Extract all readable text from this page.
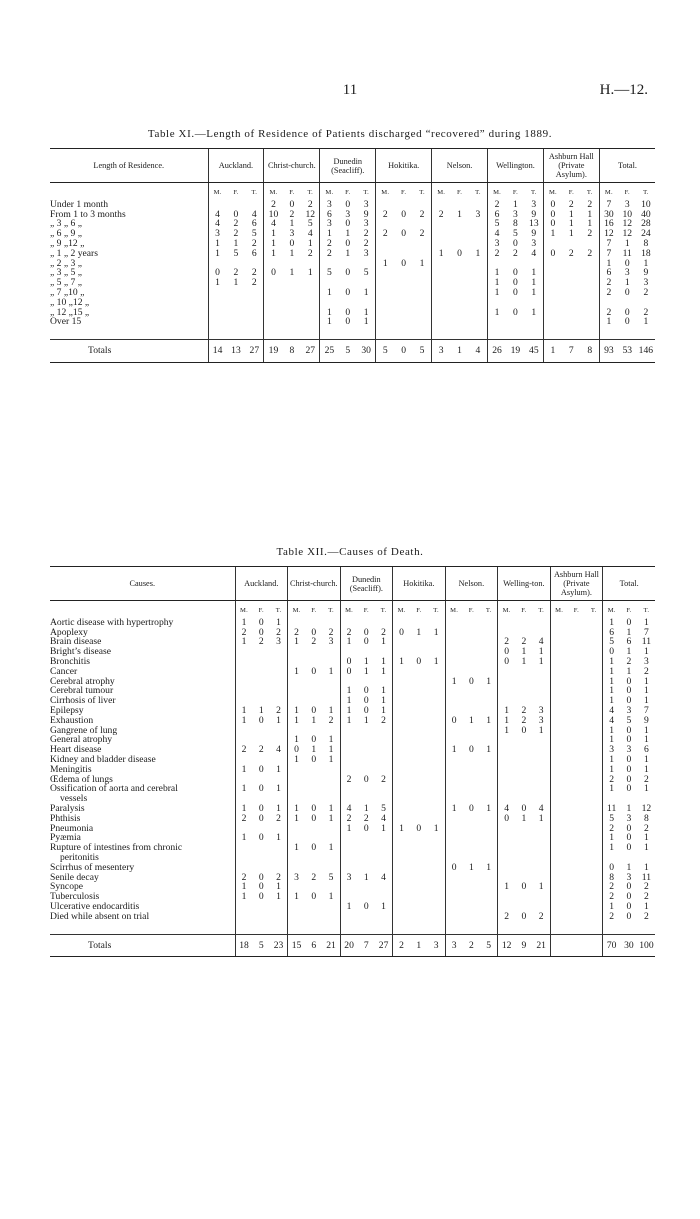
11	H.—12.
Table XI.—Length of Residence of Patients discharged “recovered” during 1889.
Length of Residence.	Auckland.			Christ-church.			Dunedin (Seacliff).			Hokitika.			Nelson.			Wellington.			Ashburn Hall (Private Asylum).			Total.		
	M.	F.	T.	M.	F.	T.	M.	F.	T.	M.	F.	T.	M.	F.	T.	M.	F.	T.	M.	F.	T.	M.	F.	T.
Under 1 month				2	0	2	3	0	3							2	1	3	0	2	2	7	3	10
From 1 to 3 months	4	0	4	10	2	12	6	3	9	2	0	2	2	1	3	6	3	9	0	1	1	30	10	40
„ 3 „ 6 „	4	2	6	4	1	5	3	0	3							5	8	13	0	1	1	16	12	28
„ 6 „ 9 „	3	2	5	1	3	4	1	1	2	2	0	2				4	5	9	1	1	2	12	12	24
„ 9 „12 „	1	1	2	1	0	1	2	0	2							3	0	3				7	1	8
„ 1 „ 2 years	1	5	6	1	1	2	2	1	3				1	0	1	2	2	4	0	2	2	7	11	18
„ 2 „ 3 „										1	0	1										1	0	1
„ 3 „ 5 „	0	2	2	0	1	1	5	0	5							1	0	1				6	3	9
„ 5 „ 7 „	1	1	2													1	0	1				2	1	3
„ 7 „10 „							1	0	1							1	0	1				2	0	2
„ 10 „12 „																								
„ 12 „15 „							1	0	1							1	0	1				2	0	2
Over 15							1	0	1													1	0	1

Totals	14	13	27	19	8	27	25	5	30	5	0	5	3	1	4	26	19	45	1	7	8	93	53	146
Table XII.—Causes of Death.
Causes.	Auckland.			Christ-church.			Dunedin (Seacliff).			Hokitika.			Nelson.			Welling-ton.			Ashburn Hall (Private Asylum).			Total.		
	M.	F.	T.	M.	F.	T.	M.	F.	T.	M.	F.	T.	M.	F.	T.	M.	F.	T.	M.	F.	T.	M.	F.	T.
Aortic disease with hypertrophy	1	0	1																			1	0	1
Apoplexy	2	0	2	2	0	2	2	0	2	0	1	1										6	1	7
Brain disease	1	2	3	1	2	3	1	0	1							2	2	4				5	6	11
Bright’s disease																0	1	1				0	1	1
Bronchitis							0	1	1	1	0	1				0	1	1				1	2	3
Cancer				1	0	1	0	1	1													1	1	2
Cerebral atrophy													1	0	1							1	0	1
Cerebral tumour							1	0	1													1	0	1
Cirrhosis of liver							1	0	1													1	0	1
Epilepsy	1	1	2	1	0	1	1	0	1							1	2	3				4	3	7
Exhaustion	1	0	1	1	1	2	1	1	2				0	1	1	1	2	3				4	5	9
Gangrene of lung																1	0	1				1	0	1
General atrophy				1	0	1																1	0	1
Heart disease	2	2	4	0	1	1							1	0	1							3	3	6
Kidney and bladder disease				1	0	1																1	0	1
Meningitis	1	0	1																			1	0	1
Œdema of lungs							2	0	2													2	0	2
Ossification of aorta and cerebral	1	0	1																			1	0	1
vessels																								
Paralysis	1	0	1	1	0	1	4	1	5				1	0	1	4	0	4				11	1	12
Phthisis	2	0	2	1	0	1	2	2	4							0	1	1				5	3	8
Pneumonia							1	0	1	1	0	1										2	0	2
Pyæmia	1	0	1																			1	0	1
Rupture of intestines from chronic				1	0	1																1	0	1
peritonitis																								
Scirrhus of mesentery													0	1	1							0	1	1
Senile decay	2	0	2	3	2	5	3	1	4													8	3	11
Syncope	1	0	1													1	0	1				2	0	2
Tuberculosis	1	0	1	1	0	1																2	0	2
Ulcerative endocarditis							1	0	1													1	0	1
Died while absent on trial																2	0	2				2	0	2

Totals	18	5	23	15	6	21	20	7	27	2	1	3	3	2	5	12	9	21				70	30	100
